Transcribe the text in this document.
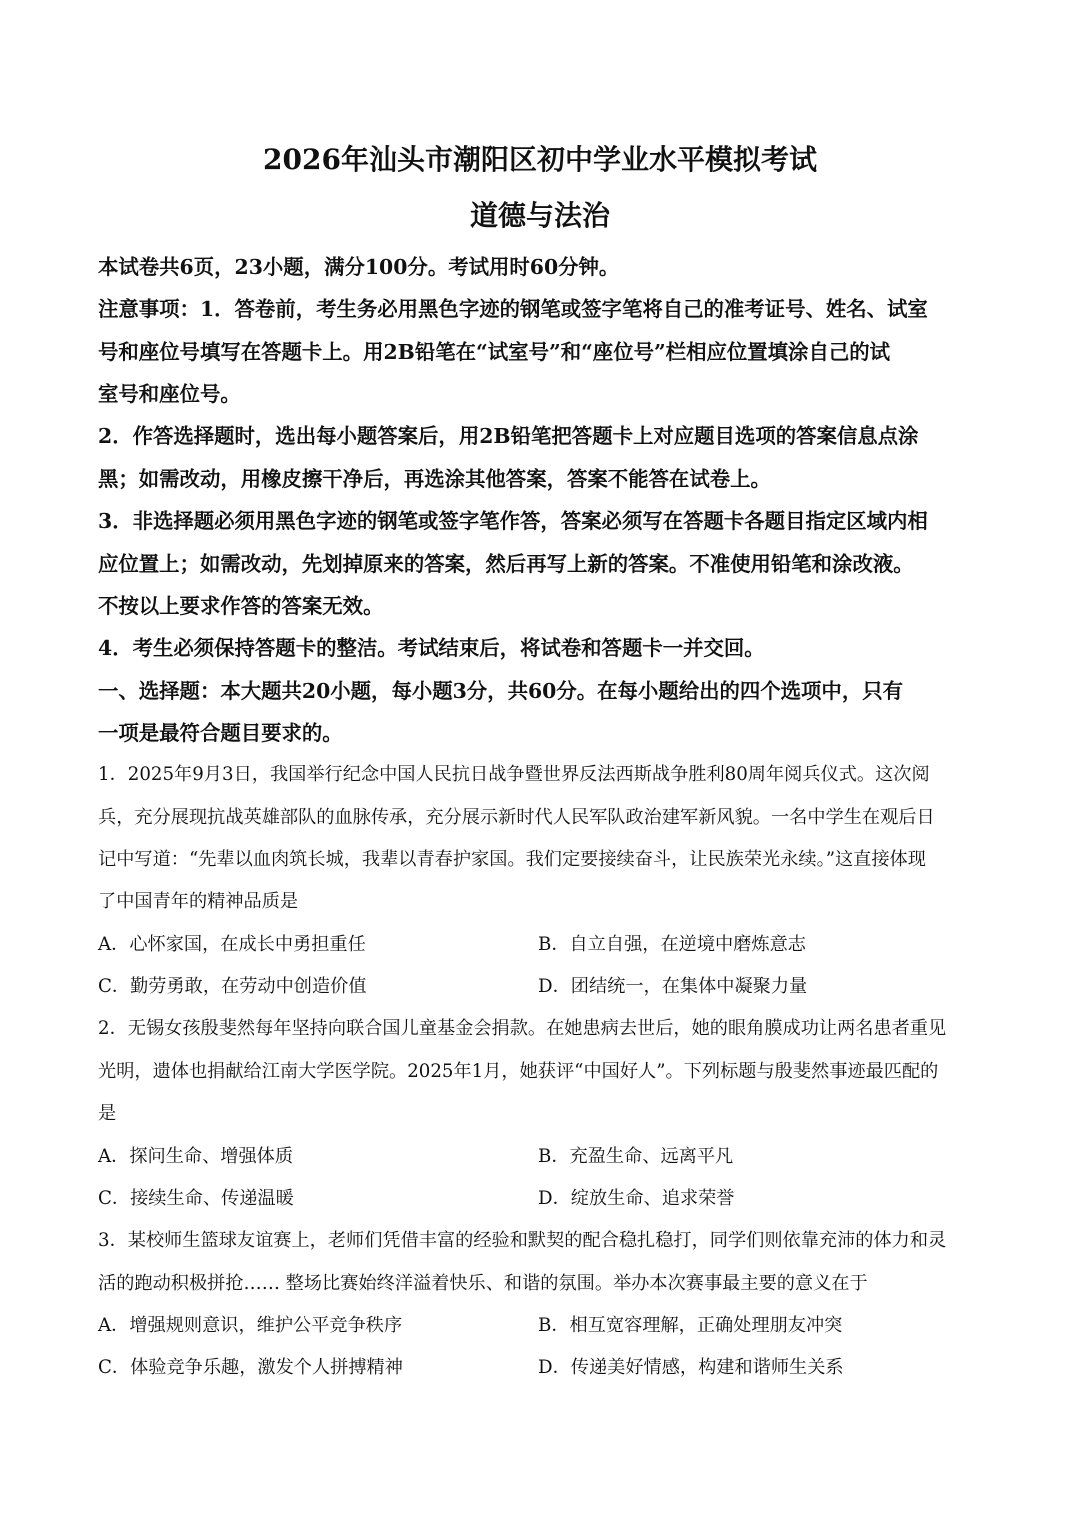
2026年汕头市潮阳区初中学业水平模拟考试
道德与法治
本试卷共6页，23小题，满分100分。考试用时60分钟。
注意事项：1．答卷前，考生务必用黑色字迹的钢笔或签字笔将自己的准考证号、姓名、试室
号和座位号填写在答题卡上。用2B铅笔在“试室号”和“座位号”栏相应位置填涂自己的试
室号和座位号。
2．作答选择题时，选出每小题答案后，用2B铅笔把答题卡上对应题目选项的答案信息点涂
黑；如需改动，用橡皮擦干净后，再选涂其他答案，答案不能答在试卷上。
3．非选择题必须用黑色字迹的钢笔或签字笔作答，答案必须写在答题卡各题目指定区域内相
应位置上；如需改动，先划掉原来的答案，然后再写上新的答案。不准使用铅笔和涂改液。
不按以上要求作答的答案无效。
4．考生必须保持答题卡的整洁。考试结束后，将试卷和答题卡一并交回。
一、选择题：本大题共20小题，每小题3分，共60分。在每小题给出的四个选项中，只有
一项是最符合题目要求的。
1．2025年9月3日，我国举行纪念中国人民抗日战争暨世界反法西斯战争胜利80周年阅兵仪式。这次阅
兵，充分展现抗战英雄部队的血脉传承，充分展示新时代人民军队政治建军新风貌。一名中学生在观后日
记中写道：“先辈以血肉筑长城，我辈以青春护家国。我们定要接续奋斗，让民族荣光永续。”这直接体现
了中国青年的精神品质是
A．心怀家国，在成长中勇担重任	B．自立自强，在逆境中磨炼意志
C．勤劳勇敢，在劳动中创造价值	D．团结统一，在集体中凝聚力量
2．无锡女孩殷斐然每年坚持向联合国儿童基金会捐款。在她患病去世后，她的眼角膜成功让两名患者重见
光明，遗体也捐献给江南大学医学院。2025年1月，她获评“中国好人”。下列标题与殷斐然事迹最匹配的
是
A．探问生命、增强体质	B．充盈生命、远离平凡
C．接续生命、传递温暖	D．绽放生命、追求荣誉
3．某校师生篮球友谊赛上，老师们凭借丰富的经验和默契的配合稳扎稳打，同学们则依靠充沛的体力和灵
活的跑动积极拼抢…… 整场比赛始终洋溢着快乐、和谐的氛围。举办本次赛事最主要的意义在于
A．增强规则意识，维护公平竞争秩序	B．相互宽容理解，正确处理朋友冲突
C．体验竞争乐趣，激发个人拼搏精神	D．传递美好情感，构建和谐师生关系
